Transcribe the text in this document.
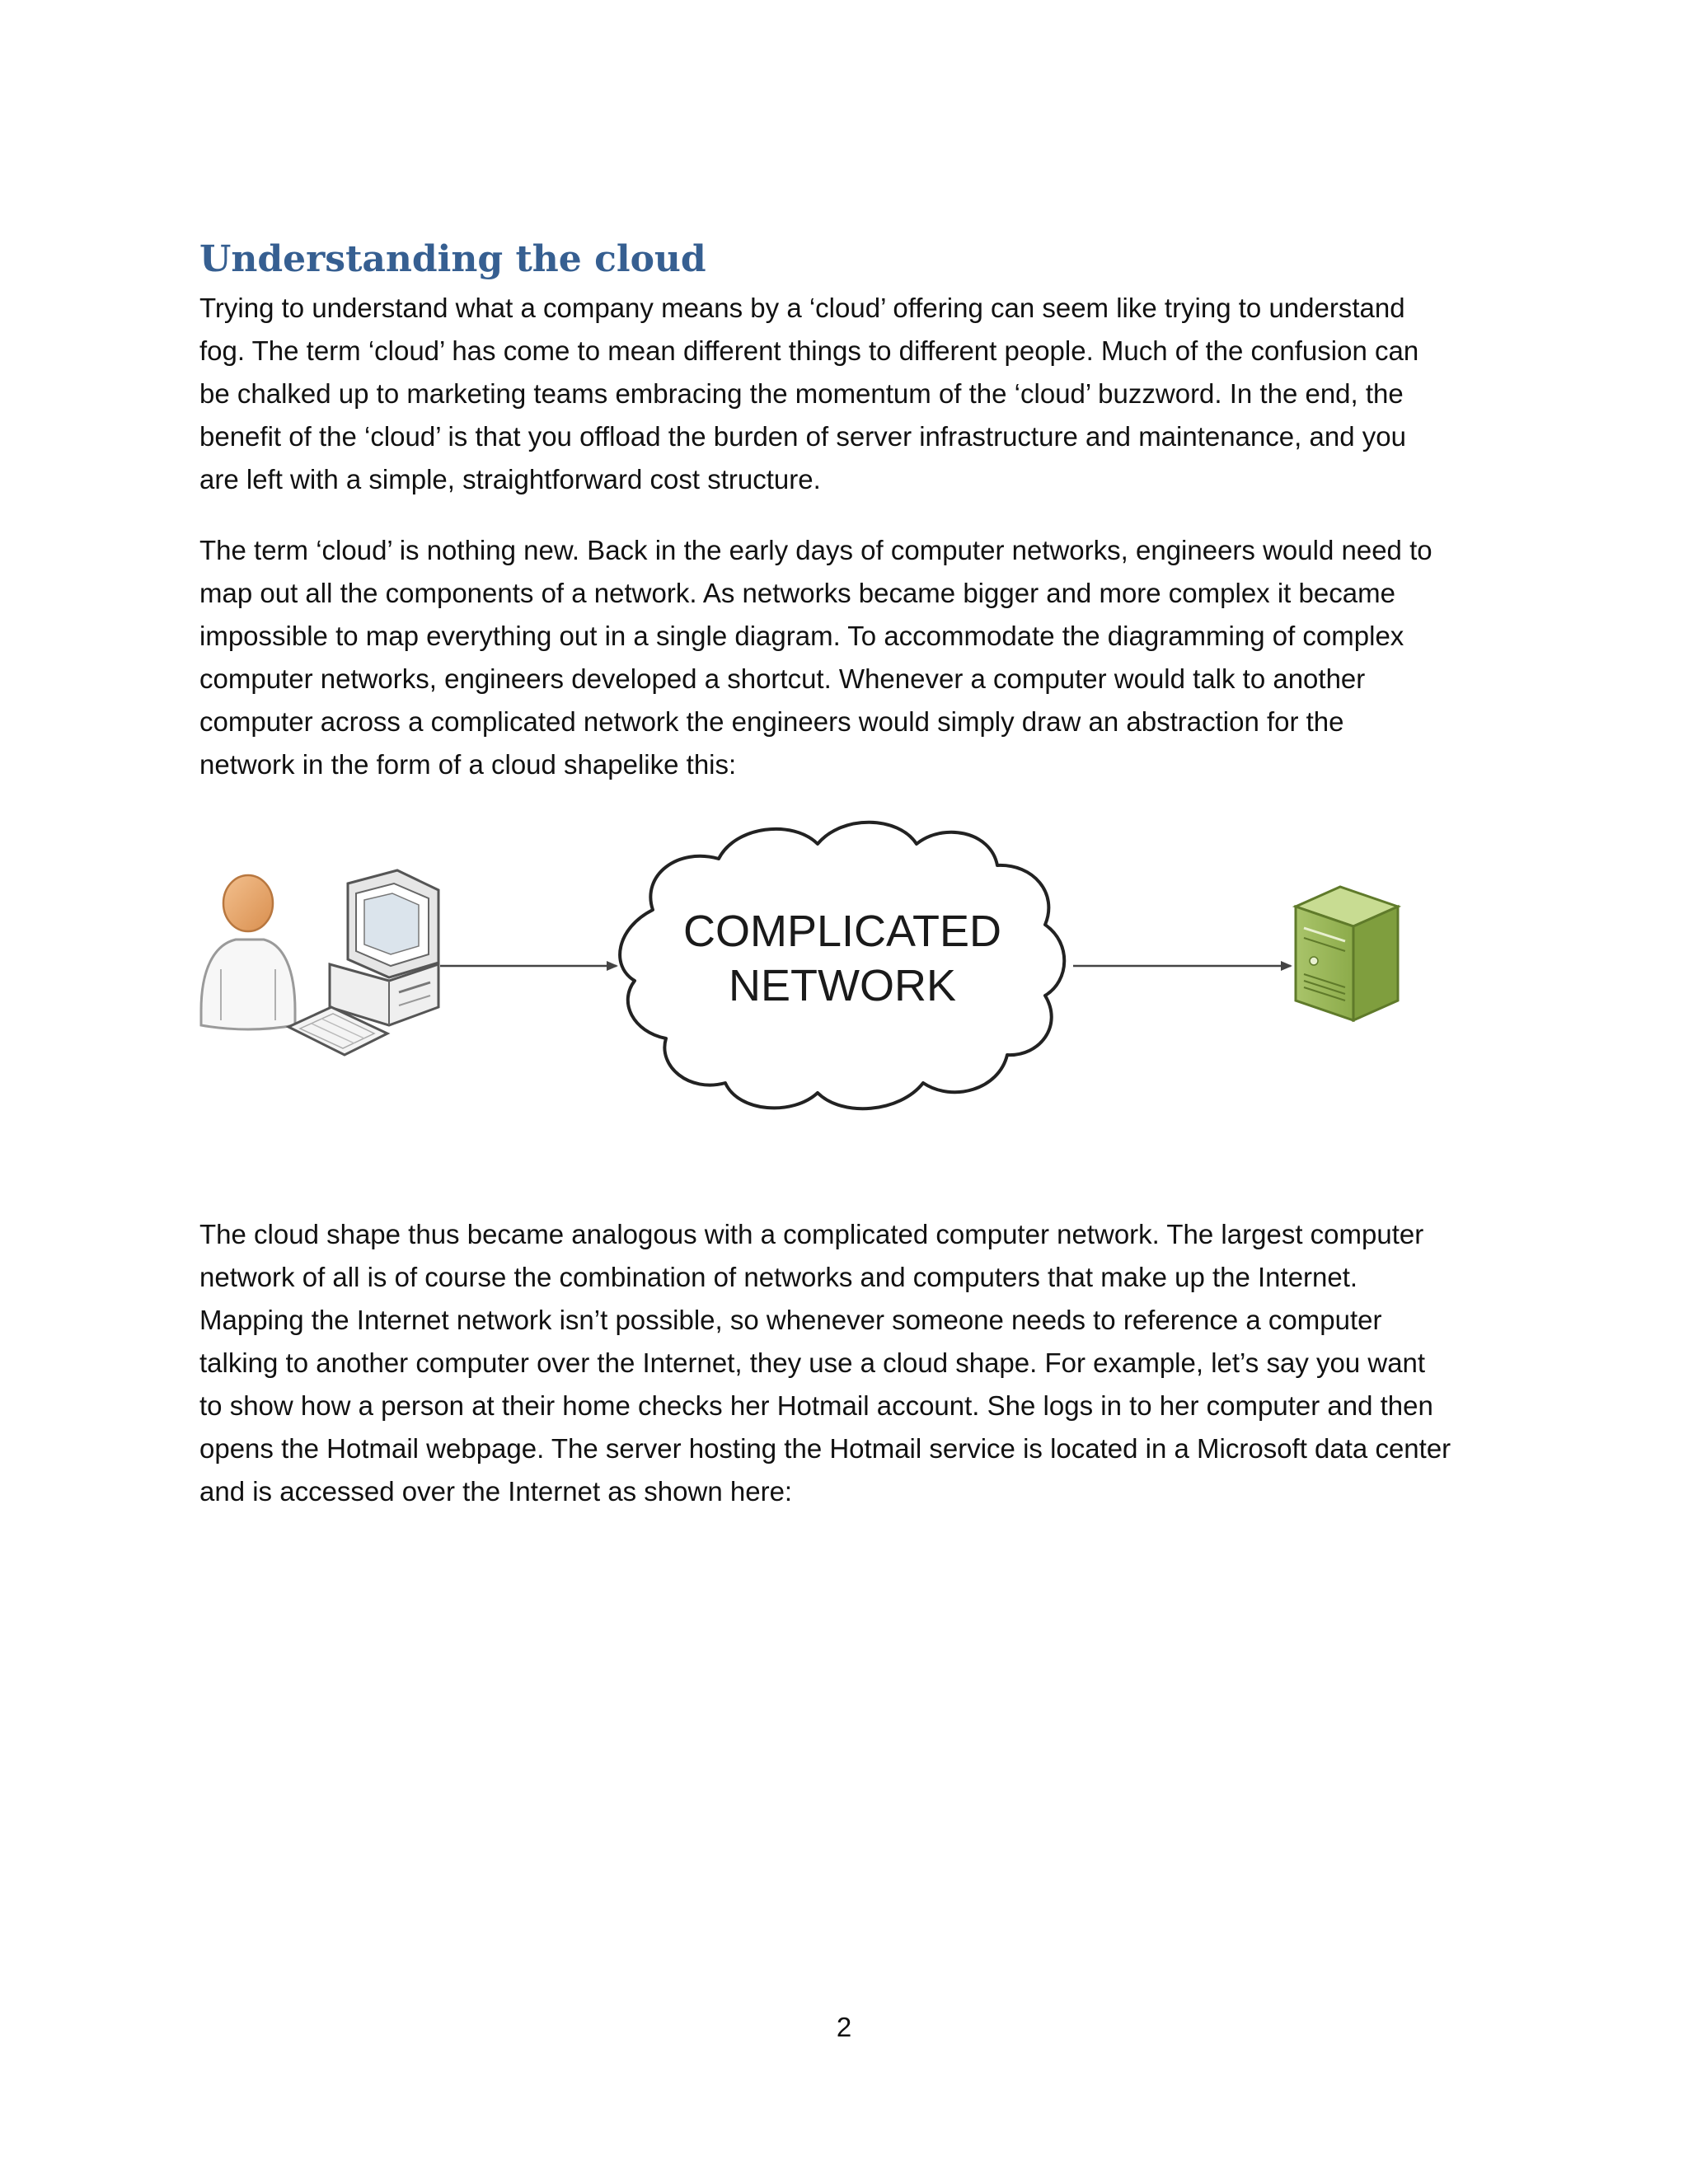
Understanding the cloud

Trying to understand what a company means by a ‘cloud’ offering can seem like trying to understand
fog. The term ‘cloud’ has come to mean different things to different people. Much of the confusion can
be chalked up to marketing teams embracing the momentum of the ‘cloud’ buzzword. In the end, the
benefit of the ‘cloud’ is that you offload the burden of server infrastructure and maintenance, and you
are left with a simple, straightforward cost structure.

The term ‘cloud’ is nothing new. Back in the early days of computer networks, engineers would need to
map out all the components of a network. As networks became bigger and more complex it became
impossible to map everything out in a single diagram. To accommodate the diagramming of complex
computer networks, engineers developed a shortcut. Whenever a computer would talk to another
computer across a complicated network the engineers would simply draw an abstraction for the
network in the form of a cloud shapelike this:

COMPLICATED
NETWORK

The cloud shape thus became analogous with a complicated computer network. The largest computer
network of all is of course the combination of networks and computers that make up the Internet.
Mapping the Internet network isn’t possible, so whenever someone needs to reference a computer
talking to another computer over the Internet, they use a cloud shape. For example, let’s say you want
to show how a person at their home checks her Hotmail account. She logs in to her computer and then
opens the Hotmail webpage. The server hosting the Hotmail service is located in a Microsoft data center
and is accessed over the Internet as shown here:

2
